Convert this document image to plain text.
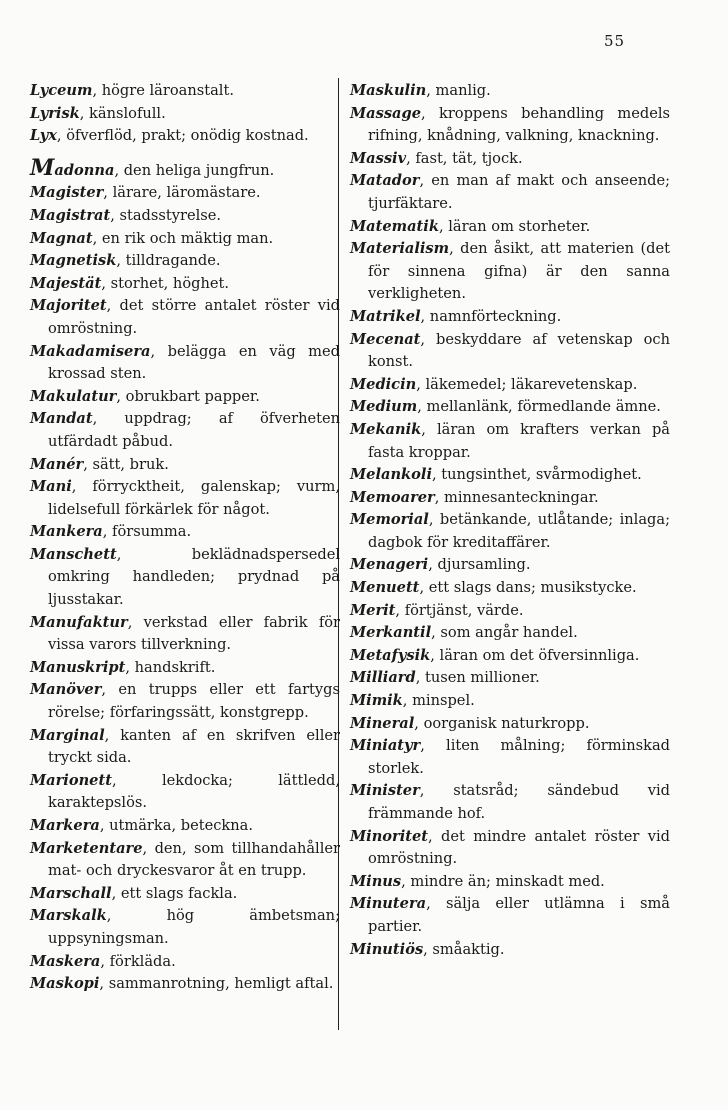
55
Lyceum, högre läroanstalt.
Lyrisk, känslofull.
Lyx, öfverflöd, prakt; onödig kostnad.
Madonna, den heliga jungfrun.
Magister, lärare, läromästare.
Magistrat, stadsstyrelse.
Magnat, en rik och mäktig man.
Magnetisk, tilldragande.
Majestät, storhet, höghet.
Majoritet, det större antalet röster vid omröstning.
Makadamisera, belägga en väg med krossad sten.
Makulatur, obrukbart papper.
Mandat, uppdrag; af öfverheten utfärdadt påbud.
Manér, sätt, bruk.
Mani, förrycktheit, galenskap; vurm, lidelsefull förkärlek för något.
Mankera, försumma.
Manschett, beklädnadspersedel omkring handleden; prydnad på ljusstakar.
Manufaktur, verkstad eller fabrik för vissa varors tillverkning.
Manuskript, handskrift.
Manöver, en trupps eller ett fartygs rörelse; förfaringssätt, konstgrepp.
Marginal, kanten af en skrifven eller tryckt sida.
Marionett, lekdocka; lättledd, karaktерslös.
Markera, utmärka, beteckna.
Marketentare, den, som tillhandahåller mat- och dryckesvaror åt en trupp.
Marschall, ett slags fackla.
Marskalk, hög ämbetsman; uppsyningsman.
Maskera, förkläda.
Maskopi, sammanrotning, hemligt aftal.
Maskulin, manlig.
Massage, kroppens behandling medels rifning, knådning, valkning, knackning.
Massiv, fast, tät, tjock.
Matador, en man af makt och anseende; tjurfäktare.
Matematik, läran om storheter.
Materialism, den åsikt, att materien (det för sinnena gifna) är den sanna verkligheten.
Matrikel, namnförteckning.
Mecenat, beskyddare af vetenskap och konst.
Medicin, läkemedel; läkarevetenskap.
Medium, mellanlänk, förmedlande ämne.
Mekanik, läran om krafters verkan på fasta kroppar.
Melankoli, tungsinthet, svårmodighet.
Memoarer, minnesanteckningar.
Memorial, betänkande, utlåtande; inlaga; dagbok för kreditaffärer.
Menageri, djursamling.
Menuett, ett slags dans; musikstycke.
Merit, förtjänst, värde.
Merkantil, som angår handel.
Metafysik, läran om det öfversinnliga.
Milliard, tusen millioner.
Mimik, minspel.
Mineral, oorganisk naturkropp.
Miniatyr, liten målning; förminskad storlek.
Minister, statsråd; sändebud vid främmande hof.
Minoritet, det mindre antalet röster vid omröstning.
Minus, mindre än; minskadt med.
Minutera, sälja eller utlämna i små partier.
Minutiös, småaktig.
